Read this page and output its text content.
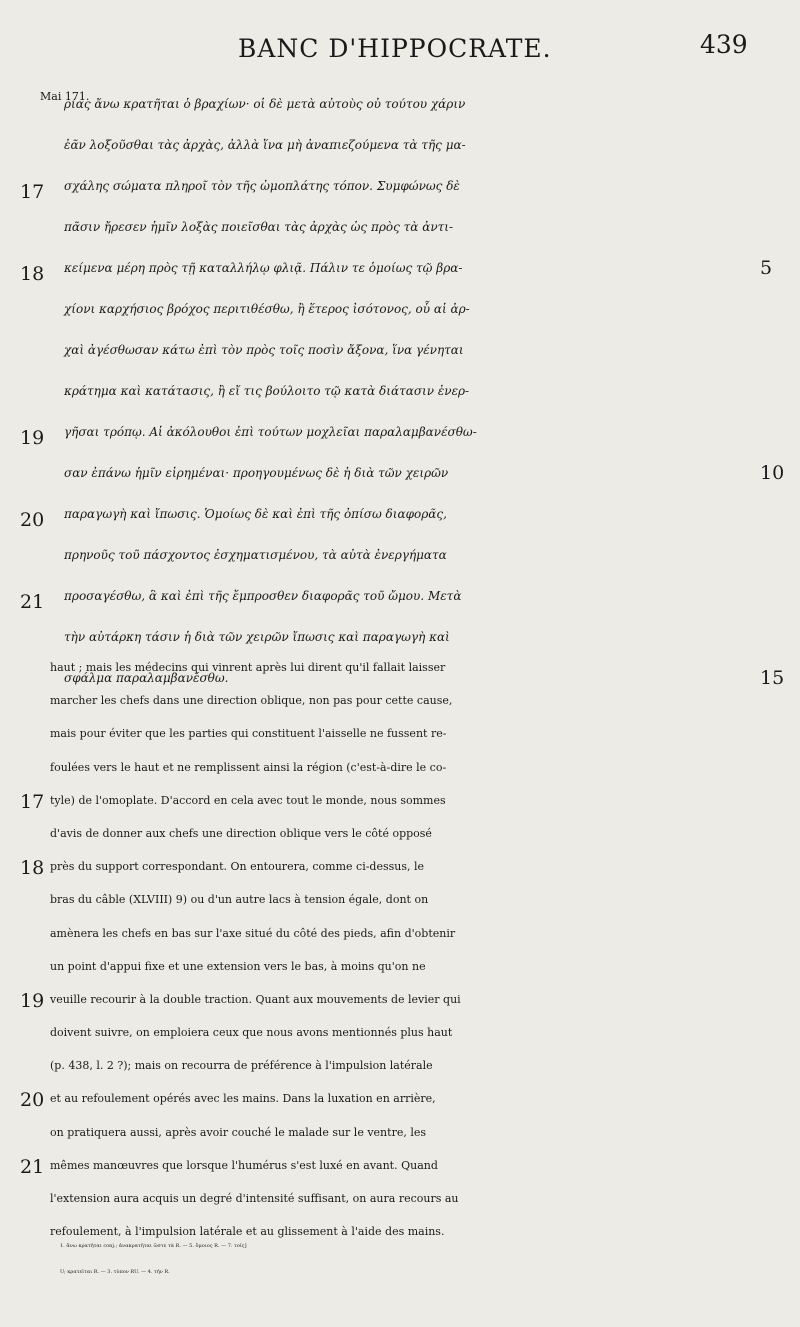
BANC D'HIPPOCRATE.	439
Mai 171.
ρίας ἄνω κρατῆται ὁ βραχίων· οἱ δὲ μετὰ αὐτοὺς οὐ τούτου χάριν
ἐᾶν λοξοῦσθαι τὰς ἀρχὰς, ἀλλὰ ἵνα μὴ ἀναπιεζούμενα τὰ τῆς μα-
17 σχάλης σώματα πληροῖ τὸν τῆς ὠμοπλάτης τόπον. Συμφώνως δὲ
πᾶσιν ἤρεσεν ἡμῖν λοξὰς ποιεῖσθαι τὰς ἀρχὰς ὡς πρὸς τὰ ἀντι-
18 κείμενα μέρη πρὸς τῇ καταλλήλῳ φλιᾷ. Πάλιν τε ὁμοίως τῷ βρα-	5
χίονι καρχήσιος βρόχος περιτιθέσθω, ἢ ἕτερος ἰσότονος, οὗ αἱ ἀρ-
χαὶ ἀγέσθωσαν κάτω ἐπὶ τὸν πρὸς τοῖς ποσὶν ἄξονα, ἵνα γένηται
κράτημα καὶ κατάτασις, ἢ εἴ τις βούλοιτο τῷ κατὰ διάτασιν ἐνερ-
19 γῆσαι τρόπῳ. Αἱ ἀκόλουθοι ἐπὶ τούτων μοχλεῖαι παραλαμβανέσθω-
σαν ἐπάνω ἡμῖν εἰρημέναι· προηγουμένως δὲ ἡ διὰ τῶν χειρῶν	10
20 παραγωγὴ καὶ ἴπωσις. Ὁμοίως δὲ καὶ ἐπὶ τῆς ὀπίσω διαφορᾶς,
πρηνοῦς τοῦ πάσχοντος ἐσχηματισμένου, τὰ αὐτὰ ἐνεργήματα
21 προσαγέσθω, ἃ καὶ ἐπὶ τῆς ἔμπροσθεν διαφορᾶς τοῦ ὤμου. Μετὰ
τὴν αὐτάρκη τάσιν ἡ διὰ τῶν χειρῶν ἴπωσις καὶ παραγωγὴ καὶ
σφάλμα παραλαμβανέσθω.	15
haut ; mais les médecins qui vinrent après lui dirent qu'il fallait laisser
marcher les chefs dans une direction oblique, non pas pour cette cause,
mais pour éviter que les parties qui constituent l'aisselle ne fussent re-
foulées vers le haut et ne remplissent ainsi la région (c'est-à-dire le co-
17 tyle) de l'omoplate. D'accord en cela avec tout le monde, nous sommes
d'avis de donner aux chefs une direction oblique vers le côté opposé
18 près du support correspondant. On entourera, comme ci-dessus, le
bras du câble (XLVIII) 9) ou d'un autre lacs à tension égale, dont on
amènera les chefs en bas sur l'axe situé du côté des pieds, afin d'obtenir
un point d'appui fixe et une extension vers le bas, à moins qu'on ne
19 veuille recourir à la double traction. Quant aux mouvements de levier qui
doivent suivre, on emploiera ceux que nous avons mentionnés plus haut
(p. 438, l. 2 ?); mais on recourra de préférence à l'impulsion latérale
20 et au refoulement opérés avec les mains. Dans la luxation en arrière,
on pratiquera aussi, après avoir couché le malade sur le ventre, les
21 mêmes manœuvres que lorsque l'humérus s'est luxé en avant. Quand
l'extension aura acquis un degré d'intensité suffisant, on aura recours au
refoulement, à l'impulsion latérale et au glissement à l'aide des mains.
1. ἄνω κρατῆται conj.; ἀνακρατῆται ὥστε τὰ R. — 5. ὅμοιος R. — 7. τοῖς]
U; κρατεῖται R. — 3. τύπον RU. — 4. τήν R.
